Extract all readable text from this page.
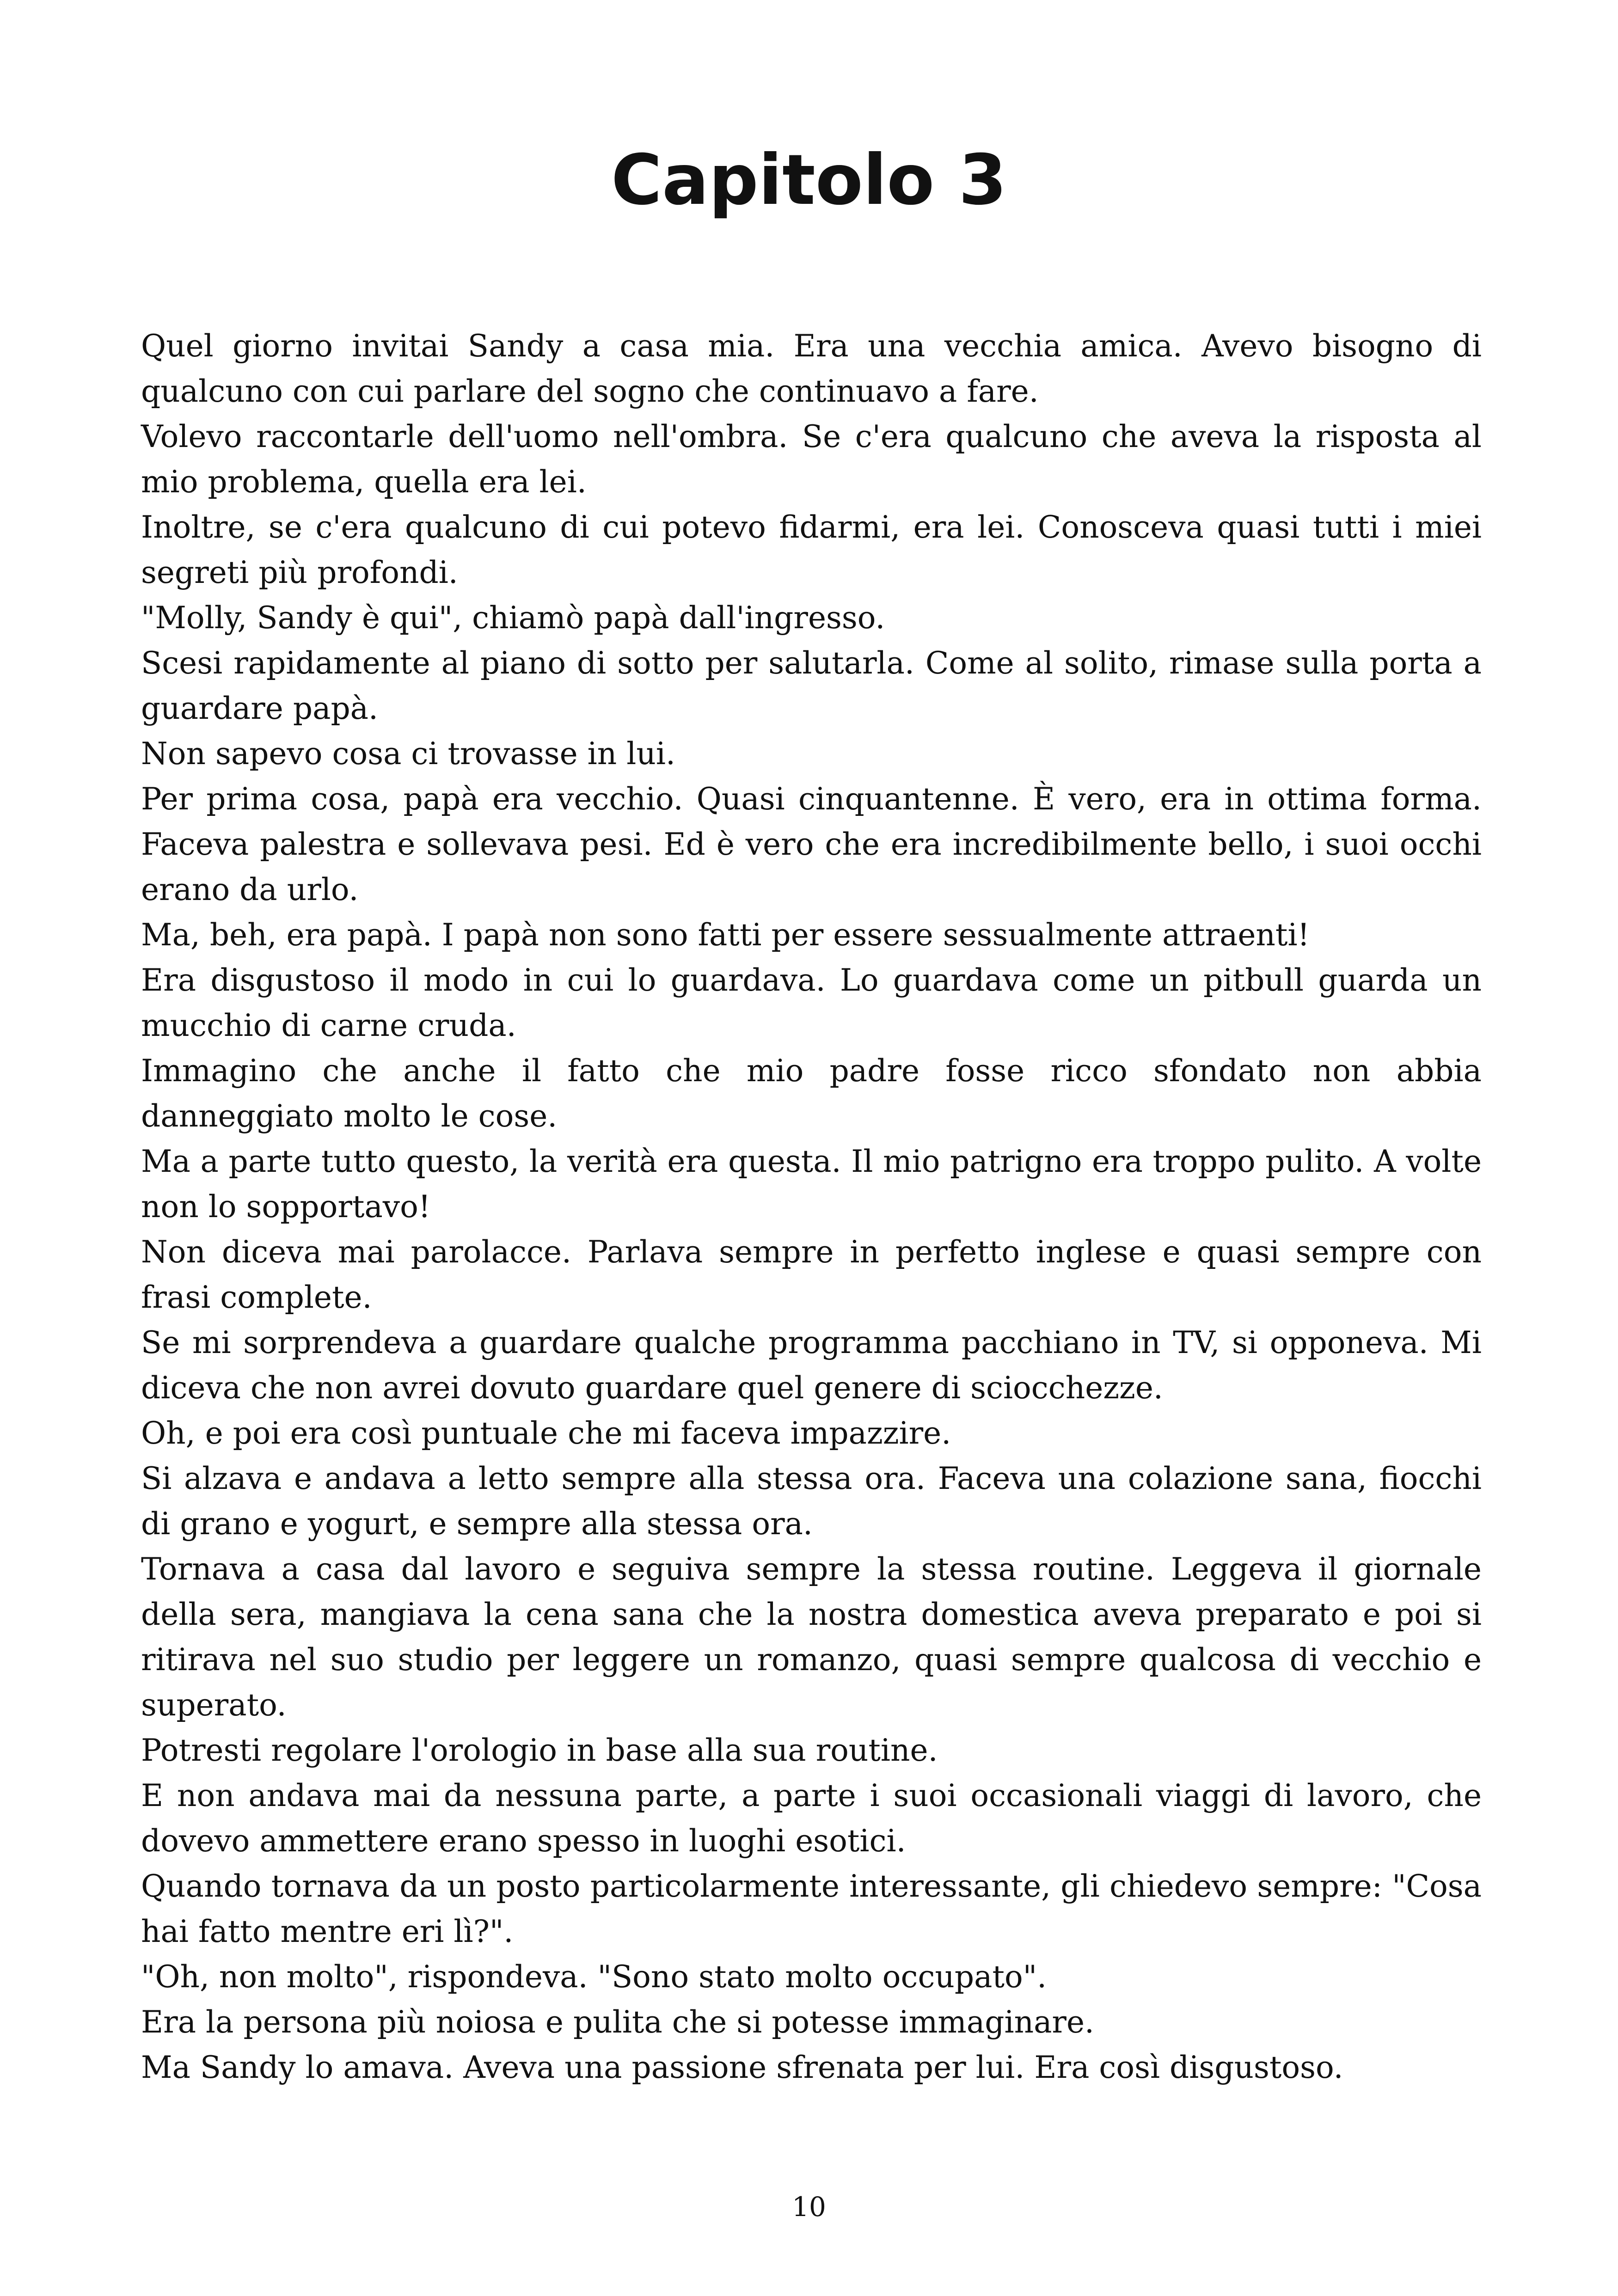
Capitolo 3

Quel giorno invitai Sandy a casa mia. Era una vecchia amica. Avevo bisogno di qualcuno con cui parlare del sogno che continuavo a fare.

Volevo raccontarle dell'uomo nell'ombra. Se c'era qualcuno che aveva la risposta al mio problema, quella era lei.

Inoltre, se c'era qualcuno di cui potevo fidarmi, era lei. Conosceva quasi tutti i miei segreti più profondi.

"Molly, Sandy è qui", chiamò papà dall'ingresso.

Scesi rapidamente al piano di sotto per salutarla. Come al solito, rimase sulla porta a guardare papà.

Non sapevo cosa ci trovasse in lui.

Per prima cosa, papà era vecchio. Quasi cinquantenne. È vero, era in ottima forma. Faceva palestra e sollevava pesi. Ed è vero che era incredibilmente bello, i suoi occhi erano da urlo.

Ma, beh, era papà. I papà non sono fatti per essere sessualmente attraenti!

Era disgustoso il modo in cui lo guardava. Lo guardava come un pitbull guarda un mucchio di carne cruda.

Immagino che anche il fatto che mio padre fosse ricco sfondato non abbia danneggiato molto le cose.

Ma a parte tutto questo, la verità era questa. Il mio patrigno era troppo pulito. A volte non lo sopportavo!

Non diceva mai parolacce. Parlava sempre in perfetto inglese e quasi sempre con frasi complete.

Se mi sorprendeva a guardare qualche programma pacchiano in TV, si opponeva. Mi diceva che non avrei dovuto guardare quel genere di sciocchezze.

Oh, e poi era così puntuale che mi faceva impazzire.

Si alzava e andava a letto sempre alla stessa ora. Faceva una colazione sana, fiocchi di grano e yogurt, e sempre alla stessa ora.

Tornava a casa dal lavoro e seguiva sempre la stessa routine. Leggeva il giornale della sera, mangiava la cena sana che la nostra domestica aveva preparato e poi si ritirava nel suo studio per leggere un romanzo, quasi sempre qualcosa di vecchio e superato.

Potresti regolare l'orologio in base alla sua routine.

E non andava mai da nessuna parte, a parte i suoi occasionali viaggi di lavoro, che dovevo ammettere erano spesso in luoghi esotici.

Quando tornava da un posto particolarmente interessante, gli chiedevo sempre: "Cosa hai fatto mentre eri lì?".

"Oh, non molto", rispondeva. "Sono stato molto occupato".

Era la persona più noiosa e pulita che si potesse immaginare.

Ma Sandy lo amava. Aveva una passione sfrenata per lui. Era così disgustoso.

10
